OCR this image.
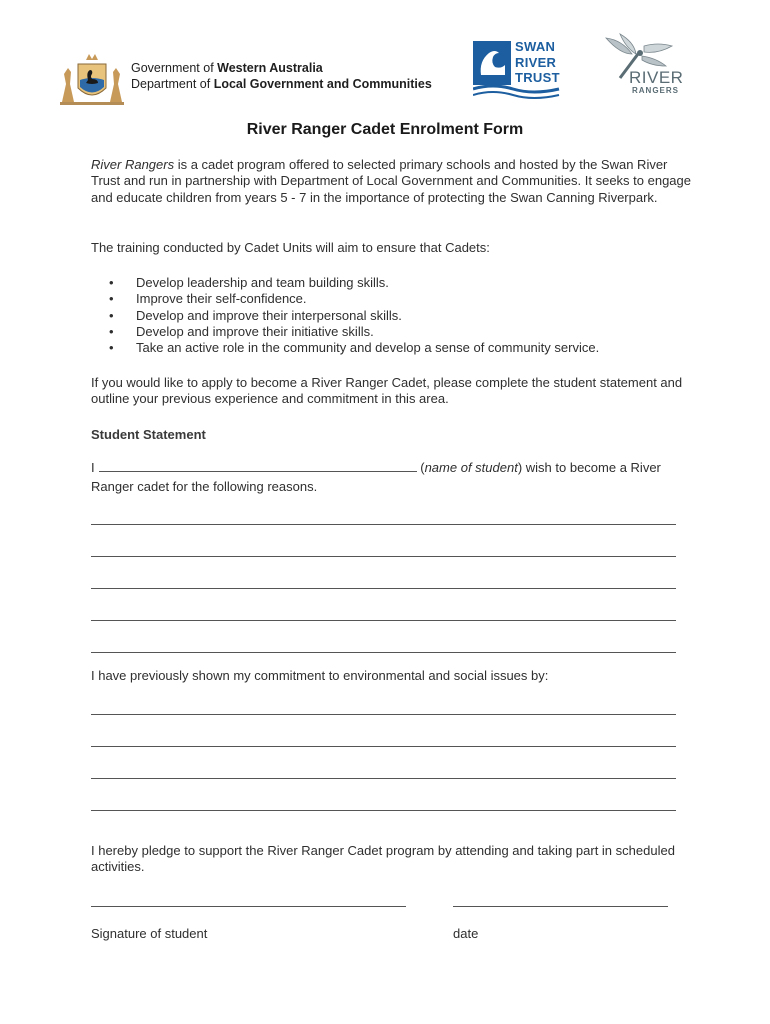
Government of Western Australia
Department of Local Government and Communities
SWAN
RIVER
TRUST	RIVER
RANGERS
River Ranger Cadet Enrolment Form
River Rangers is a cadet program offered to selected primary schools and hosted by the Swan River Trust and run in partnership with Department of Local Government and Communities. It seeks to engage and educate children from years 5 - 7 in the importance of protecting the Swan Canning Riverpark.
The training conducted by Cadet Units will aim to ensure that Cadets:
• Develop leadership and team building skills.
• Improve their self-confidence.
• Develop and improve their interpersonal skills.
• Develop and improve their initiative skills.
• Take an active role in the community and develop a sense of community service.
If you would like to apply to become a River Ranger Cadet, please complete the student statement and outline your previous experience and commitment in this area.
Student Statement
I	(name of student) wish to become a River Ranger cadet for the following reasons.
I have previously shown my commitment to environmental and social issues by:
I hereby pledge to support the River Ranger Cadet program by attending and taking part in scheduled activities.
Signature of student	date
